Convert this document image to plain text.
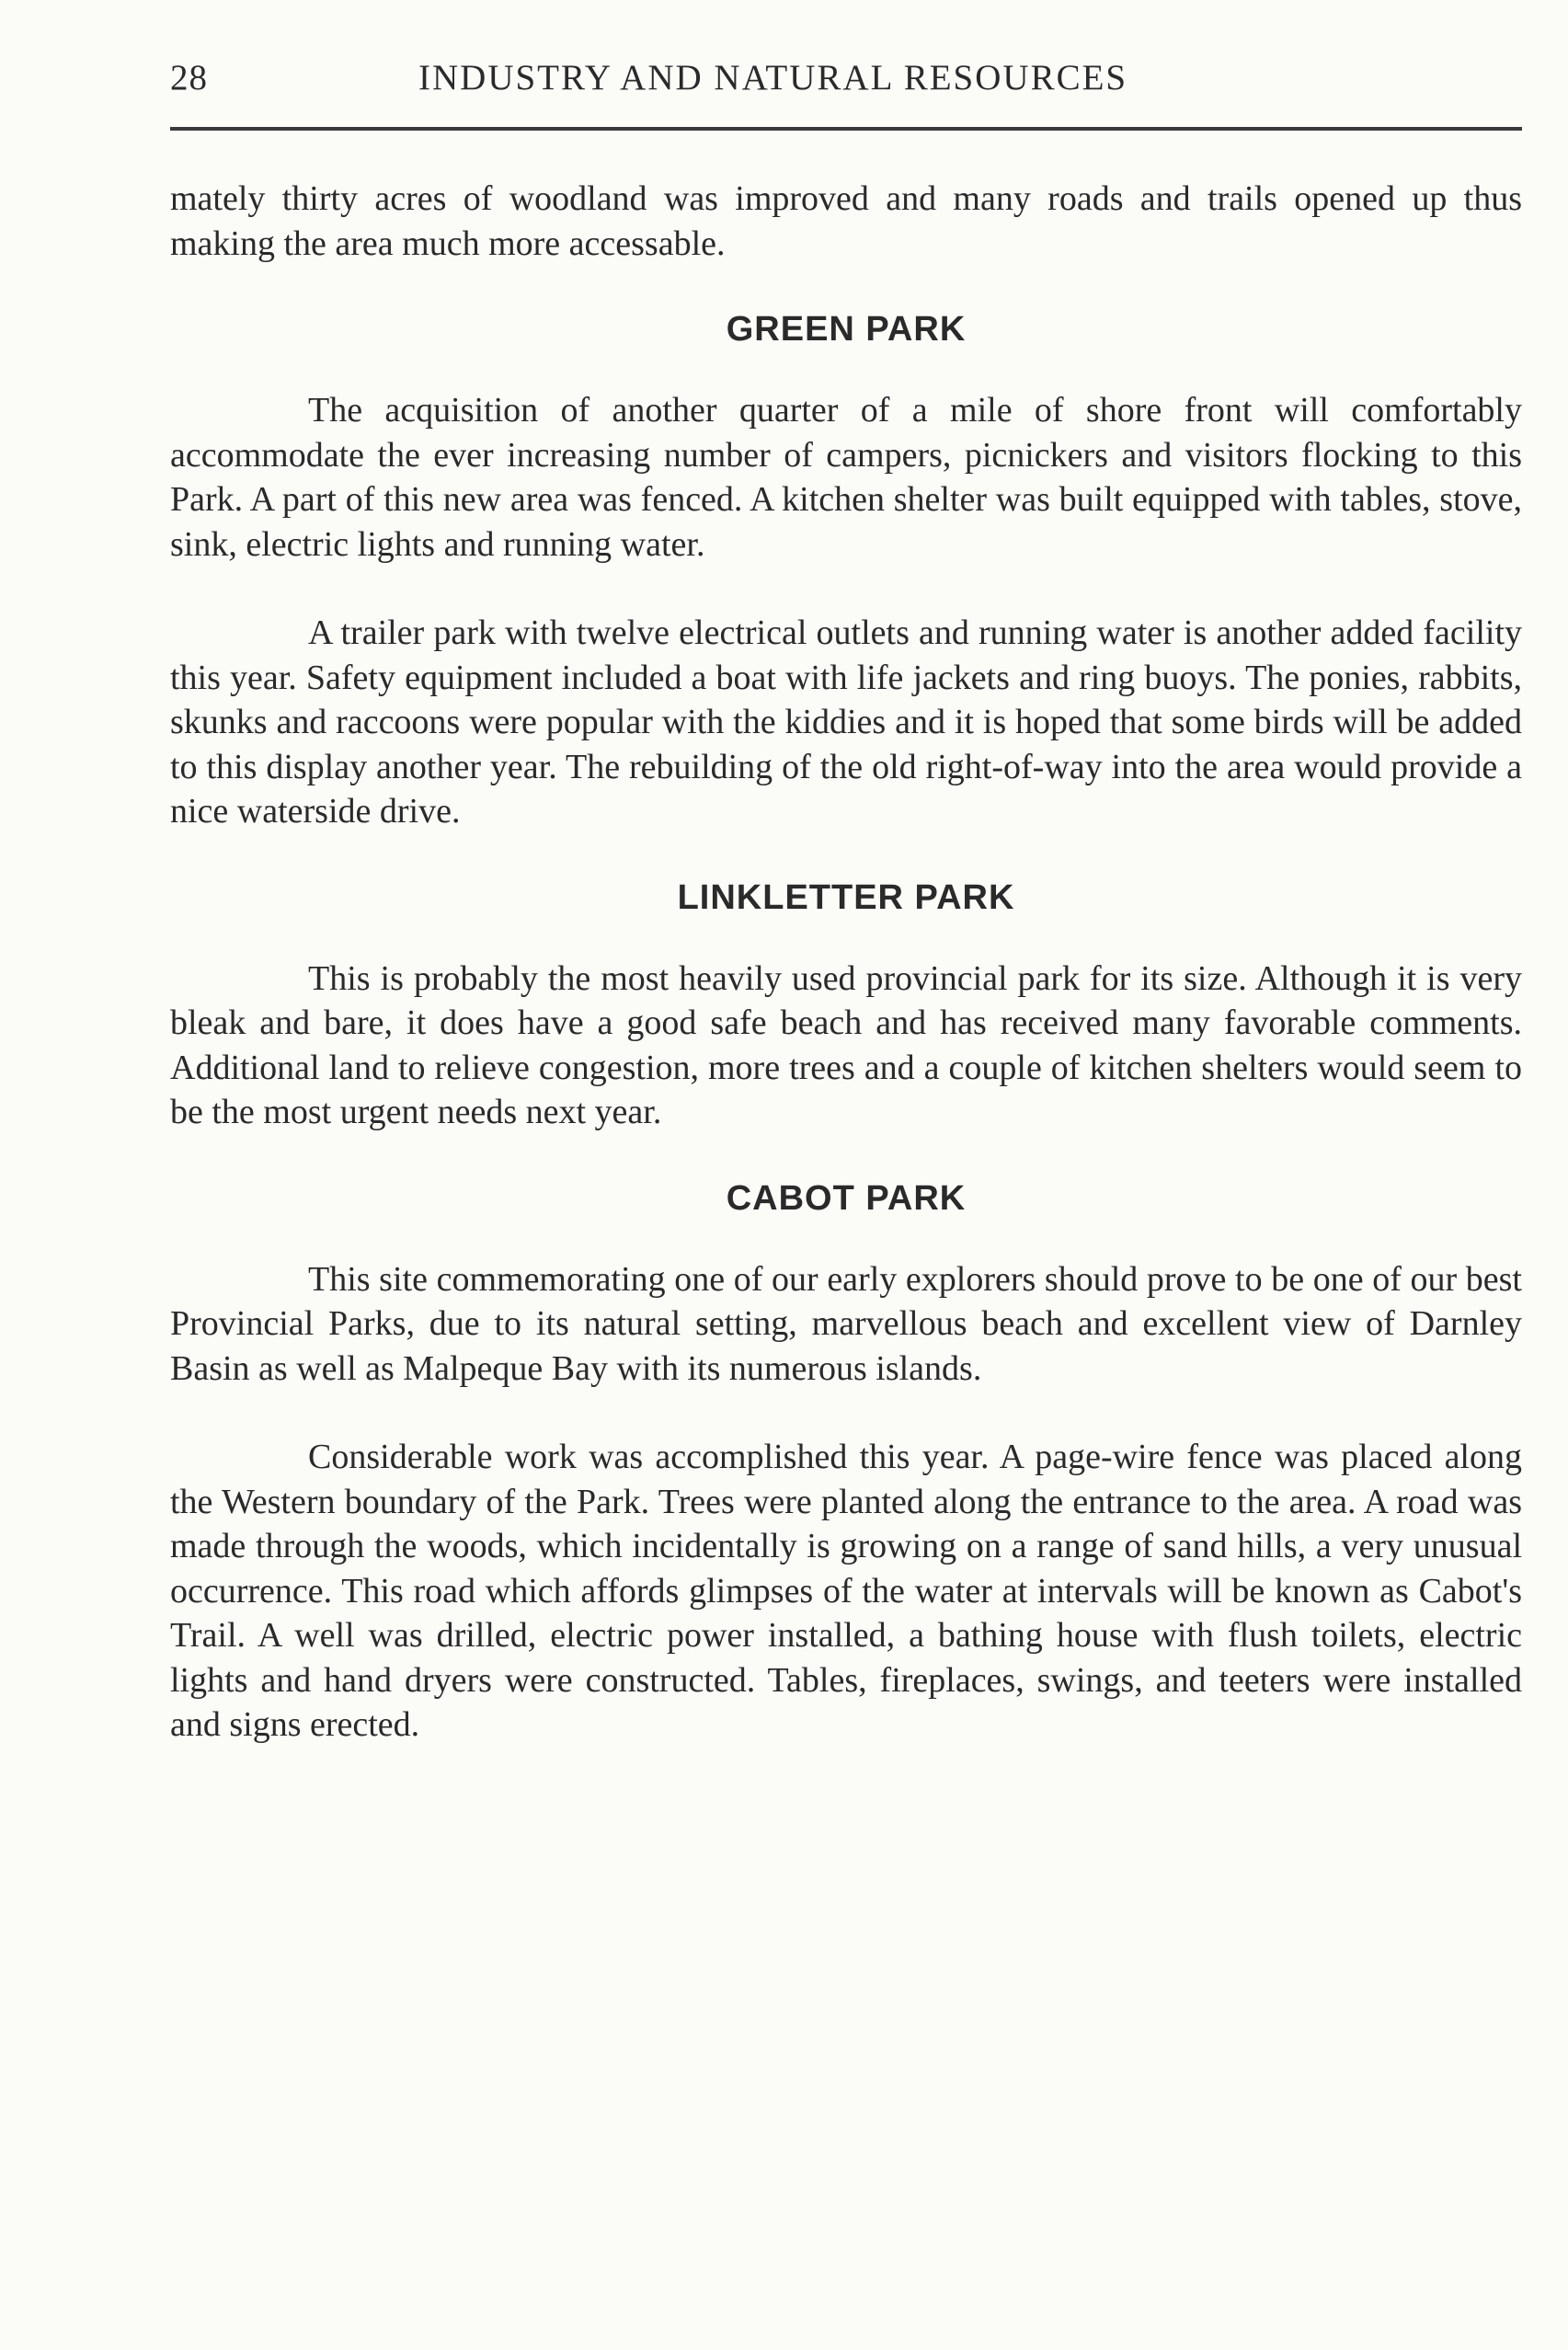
28	INDUSTRY AND NATURAL RESOURCES

mately thirty acres of woodland was improved and many roads and trails opened up thus making the area much more accessable.

GREEN PARK

The acquisition of another quarter of a mile of shore front will comfortably accommodate the ever increasing number of campers, picnickers and visitors flocking to this Park. A part of this new area was fenced. A kitchen shelter was built equipped with tables, stove, sink, electric lights and running water.

A trailer park with twelve electrical outlets and running water is another added facility this year. Safety equipment included a boat with life jackets and ring buoys. The ponies, rabbits, skunks and raccoons were popular with the kiddies and it is hoped that some birds will be added to this display another year. The rebuilding of the old right-of-way into the area would provide a nice waterside drive.

LINKLETTER PARK

This is probably the most heavily used provincial park for its size. Although it is very bleak and bare, it does have a good safe beach and has received many favorable comments. Additional land to relieve congestion, more trees and a couple of kitchen shelters would seem to be the most urgent needs next year.

CABOT PARK

This site commemorating one of our early explorers should prove to be one of our best Provincial Parks, due to its natural setting, marvellous beach and excellent view of Darnley Basin as well as Malpeque Bay with its numerous islands.

Considerable work was accomplished this year. A page-wire fence was placed along the Western boundary of the Park. Trees were planted along the entrance to the area. A road was made through the woods, which incidentally is growing on a range of sand hills, a very unusual occurrence. This road which affords glimpses of the water at intervals will be known as Cabot's Trail. A well was drilled, electric power installed, a bathing house with flush toilets, electric lights and hand dryers were constructed. Tables, fireplaces, swings, and teeters were installed and signs erected.
